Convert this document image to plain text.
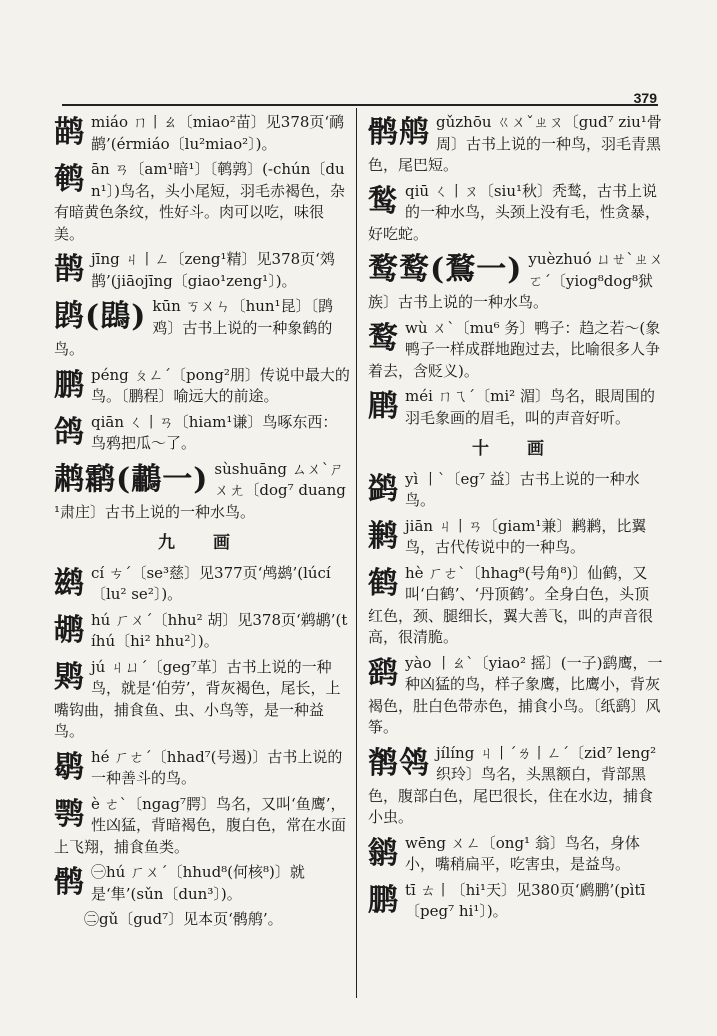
379
鹋miáo ㄇ丨ㄠ〔miao²苗〕见378页‘鸸鹋’(érmiáo〔lu²miao²〕)。
鹌ān ㄢ〔am¹暗¹〕〔鹌鹑〕(-chún〔dun¹〕)鸟名，头小尾短，羽毛赤褐色，杂有暗黄色条纹，性好斗。肉可以吃，味很美。
鹊jīng ㄐ丨ㄥ〔zeng¹精〕见378页‘䴔鹊’(jiāojīng〔giao¹zeng¹〕)。
鹍(鵾) kūn ㄎㄨㄣ〔hun¹昆〕〔鹍鸡〕古书上说的一种象鹤的鸟。
鹏péng ㄆㄥˊ〔pong²朋〕传说中最大的鸟。〔鹏程〕喻远大的前途。
鸽qiān ㄑ丨ㄢ〔hiam¹谦〕鸟啄东西：鸟鸦把瓜～了。
鹔鹴(鷫一) sùshuāng ㄙㄨˋㄕㄨㄤ〔dog⁷ duang¹肃庄〕古书上说的一种水鸟。
九 画
鹚cí ㄘˊ〔se³慈〕见377页‘鸬鹚’(lúcí〔lu² se²〕)。
鹕hú ㄏㄨˊ〔hhu² 胡〕见378页‘鹈鹕’(tíhú〔hi² hhu²〕)。
䴗jú ㄐㄩˊ〔geg⁷革〕古书上说的一种鸟，就是‘伯劳’，背灰褐色，尾长，上嘴钩曲，捕食鱼、虫、小鸟等，是一种益鸟。
鹖hé ㄏㄜˊ〔hhad⁷(号遏)〕古书上说的一种善斗的鸟。
鹗è ㄜˋ〔ngag⁷腭〕鸟名，又叫‘鱼鹰’，性凶猛，背暗褐色，腹白色，常在水面上飞翔，捕食鱼类。
鹘 ㊀hú ㄏㄨˊ〔hhud⁸(何核⁸)〕就是‘隼’(sǔn〔dun³〕)。
㊁gǔ〔gud⁷〕见本页‘鹘鸼’。
鹘鸼 gǔzhōu ㄍㄨˇㄓㄡ〔gud⁷ ziu¹骨周〕古书上说的一种鸟，羽毛青黑色，尾巴短。
鹙qiū ㄑ丨ㄡ〔siu¹秋〕秃鹙，古书上说的一种水鸟，头颈上没有毛，性贪暴，好吃蛇。
鹜鹜(鶩一) yuèzhuó ㄩㄝˋㄓㄨㄛˊ〔yiog⁸dog⁸狱族〕古书上说的一种水鸟。
鹜wù ㄨˋ〔mu⁶ 务〕鸭子：趋之若～(象鸭子一样成群地跑过去，比喻很多人争着去，含贬义)。
鹛méi ㄇㄟˊ〔mi² 湄〕鸟名，眼周围的羽毛象画的眉毛，叫的声音好听。
十 画
鹢yì 丨ˋ〔eg⁷ 益〕古书上说的一种水鸟。
鹣jiān ㄐ丨ㄢ〔giam¹兼〕鹣鹣，比翼鸟，古代传说中的一种鸟。
鹤hè ㄏㄜˋ〔hhag⁸(号角⁸)〕仙鹤，又叫‘白鹤’、‘丹顶鹤’。全身白色，头顶红色，颈、腿细长，翼大善飞，叫的声音很高，很清脆。
鹞yào 丨ㄠˋ〔yiao² 摇〕(一子)鹞鹰，一种凶猛的鸟，样子象鹰，比鹰小，背灰褐色，肚白色带赤色，捕食小鸟。〔纸鹞〕风筝。
鹡鸰 jílíng ㄐ丨ˊㄌ丨ㄥˊ〔zid⁷ leng²织玲〕鸟名，头黑额白，背部黑色，腹部白色，尾巴很长，住在水边，捕食小虫。
鹟wēng ㄨㄥ〔ong¹ 翁〕鸟名，身体小，嘴稍扁平，吃害虫，是益鸟。
鹏tī ㄊ丨〔hi¹天〕见380页‘䴘鹏’(pìtī〔peg⁷ hi¹〕)。
